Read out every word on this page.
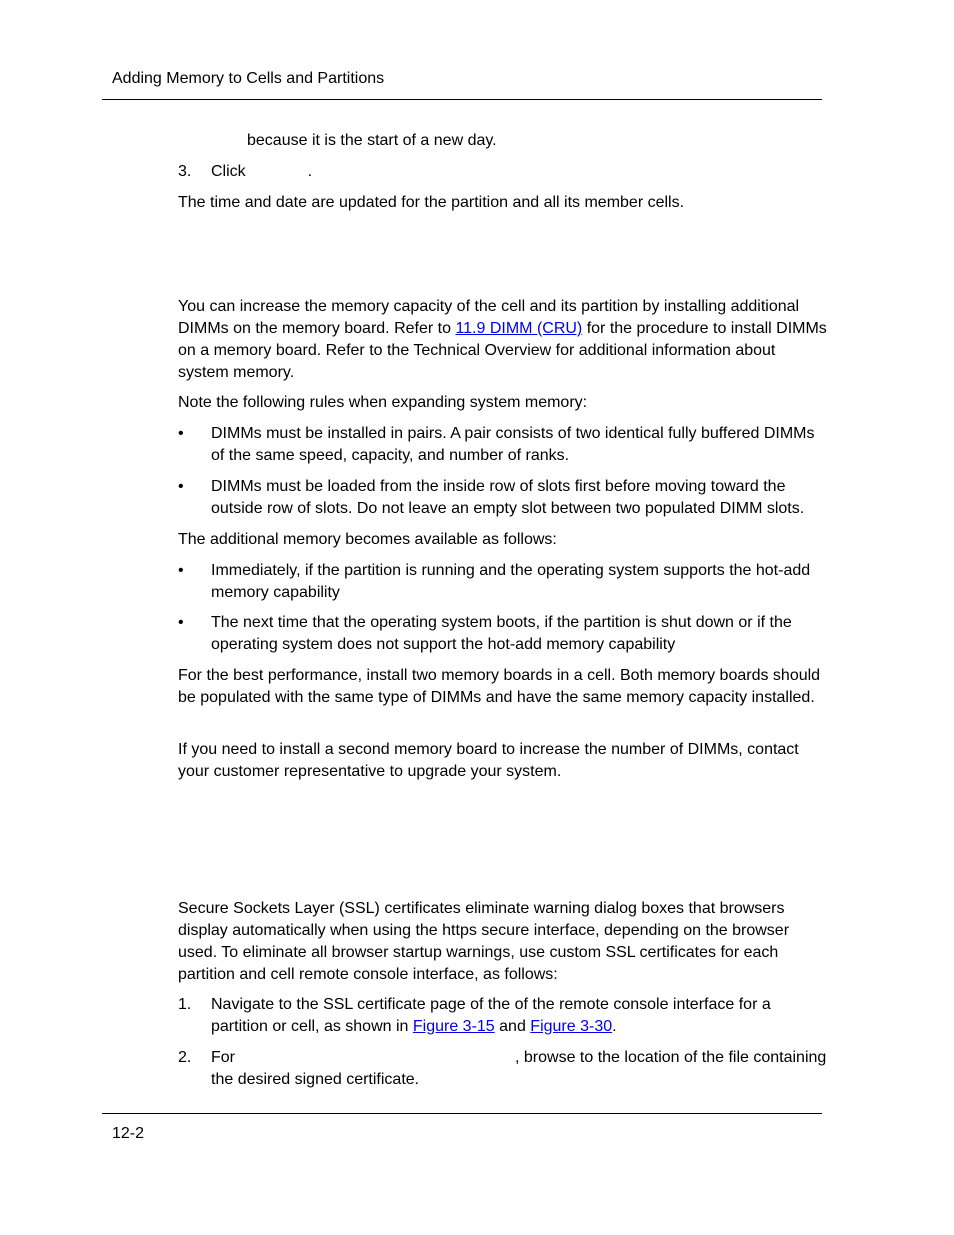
Adding Memory to Cells and Partitions
because it is the start of a new day.
3. Click	.
The time and date are updated for the partition and all its member cells.
You can increase the memory capacity of the cell and its partition by installing additional DIMMs on the memory board. Refer to 11.9 DIMM (CRU) for the procedure to install DIMMs on a memory board. Refer to the Technical Overview for additional information about system memory.
Note the following rules when expanding system memory:
• DIMMs must be installed in pairs. A pair consists of two identical fully buffered DIMMs of the same speed, capacity, and number of ranks.
• DIMMs must be loaded from the inside row of slots first before moving toward the outside row of slots. Do not leave an empty slot between two populated DIMM slots.
The additional memory becomes available as follows:
• Immediately, if the partition is running and the operating system supports the hot-add memory capability
• The next time that the operating system boots, if the partition is shut down or if the operating system does not support the hot-add memory capability
For the best performance, install two memory boards in a cell. Both memory boards should be populated with the same type of DIMMs and have the same memory capacity installed.
If you need to install a second memory board to increase the number of DIMMs, contact your customer representative to upgrade your system.
Secure Sockets Layer (SSL) certificates eliminate warning dialog boxes that browsers display automatically when using the https secure interface, depending on the browser used. To eliminate all browser startup warnings, use custom SSL certificates for each partition and cell remote console interface, as follows:
1. Navigate to the SSL certificate page of the of the remote console interface for a partition or cell, as shown in Figure 3-15 and Figure 3-30.
2. For	, browse to the location of the file containing the desired signed certificate.
12-2
